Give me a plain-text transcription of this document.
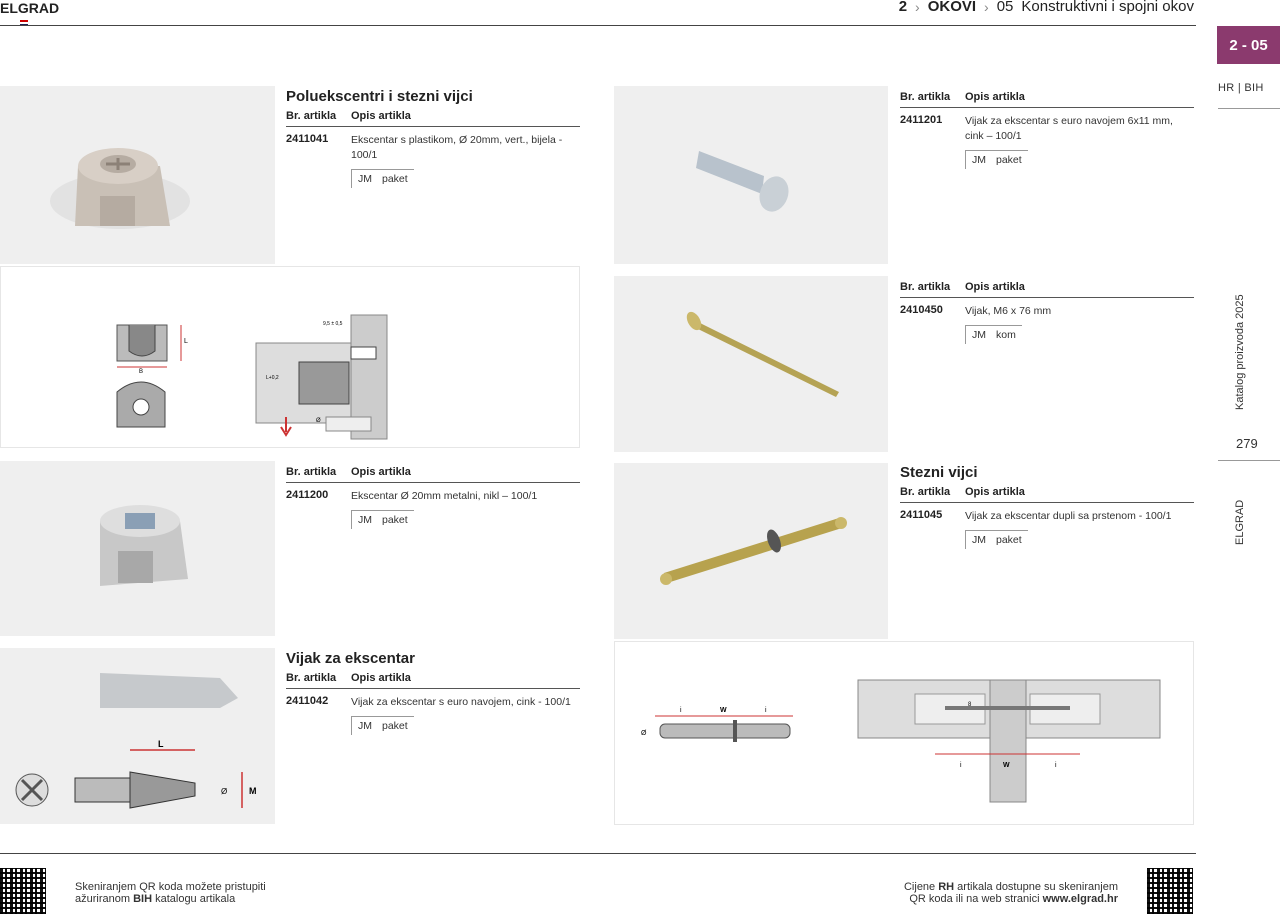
ELGRAD	2 › OKOVI › 05 Konstruktivni i spojni okov
2 - 05
HR | BIH
Katalog proizvoda 2025
279
ELGRAD
L
B
9,5 ± 0,5
L+0,2
Ø
L
M
Ø
Poluekscentri i stezni vijci
Br. artikla	Opis artikla
2411041	Ekscentar s plastikom, Ø 20mm, vert., bijela - 100/1
JM paket
Br. artikla	Opis artikla
2411200	Ekscentar Ø 20mm metalni, nikl – 100/1
JM paket
Vijak za ekscentar
Br. artikla	Opis artikla
2411042	Vijak za ekscentar s euro navojem, cink - 100/1
JM paket
i	W	i
Ø
8
i	W	i
Br. artikla	Opis artikla
2411201	Vijak za ekscentar s euro navojem 6x11 mm, cink – 100/1
JM paket
Br. artikla	Opis artikla
2410450	Vijak, M6 x 76 mm
JM kom
Stezni vijci
Br. artikla	Opis artikla
2411045	Vijak za ekscentar dupli sa prstenom - 100/1
JM paket
Skeniranjem QR koda možete pristupiti
ažuriranom BIH katalogu artikala
Cijene RH artikala dostupne su skeniranjem
QR koda ili na web stranici www.elgrad.hr
